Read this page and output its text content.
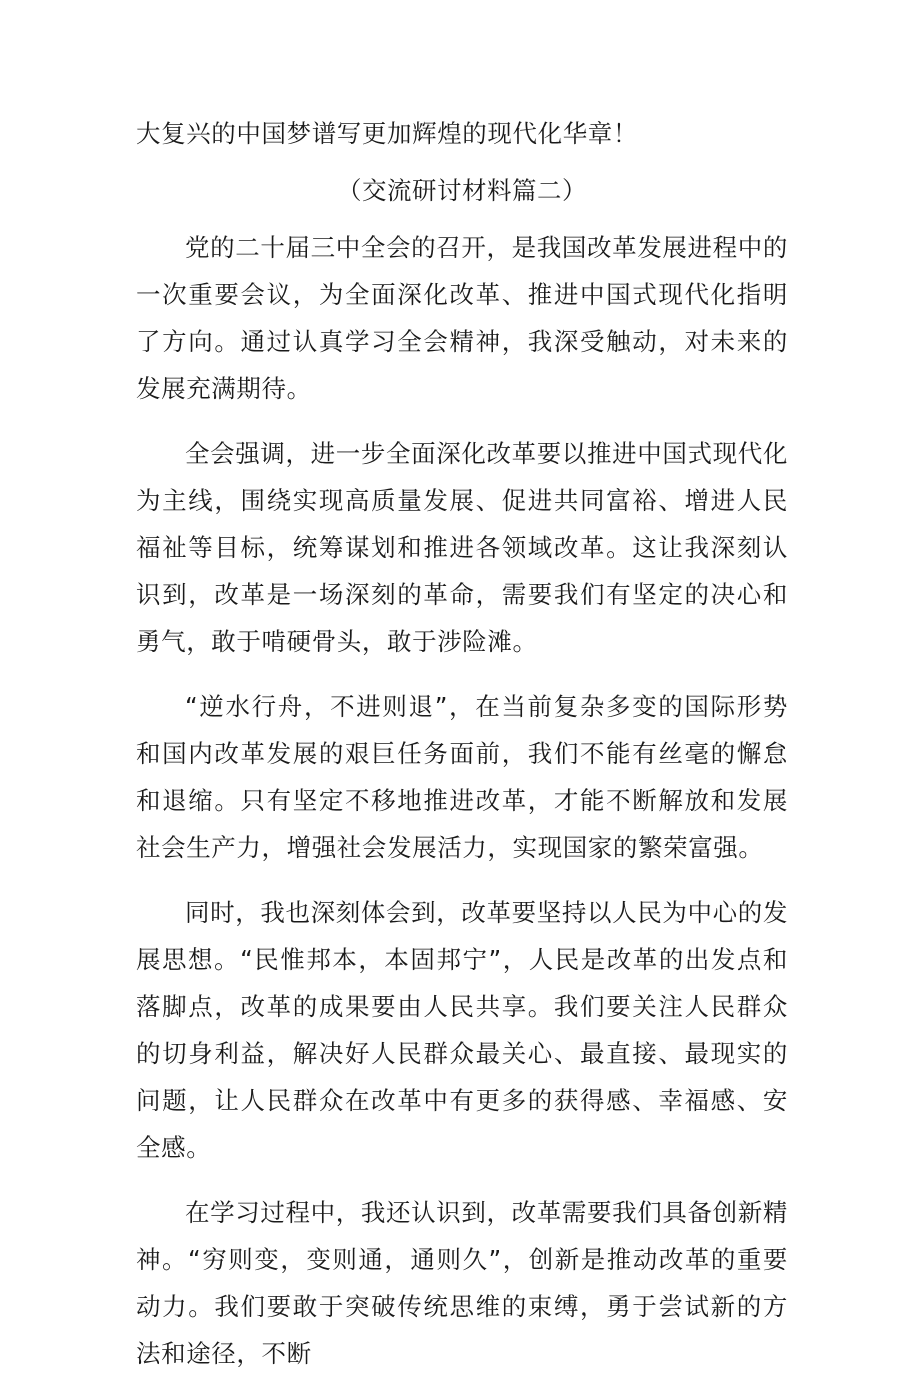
大复兴的中国梦谱写更加辉煌的现代化华章！

（交流研讨材料篇二）

党的二十届三中全会的召开，是我国改革发展进程中的一次重要会议，为全面深化改革、推进中国式现代化指明了方向。通过认真学习全会精神，我深受触动，对未来的发展充满期待。

全会强调，进一步全面深化改革要以推进中国式现代化为主线，围绕实现高质量发展、促进共同富裕、增进人民福祉等目标，统筹谋划和推进各领域改革。这让我深刻认识到，改革是一场深刻的革命，需要我们有坚定的决心和勇气，敢于啃硬骨头，敢于涉险滩。

“逆水行舟，不进则退”，在当前复杂多变的国际形势和国内改革发展的艰巨任务面前，我们不能有丝毫的懈怠和退缩。只有坚定不移地推进改革，才能不断解放和发展社会生产力，增强社会发展活力，实现国家的繁荣富强。

同时，我也深刻体会到，改革要坚持以人民为中心的发展思想。“民惟邦本，本固邦宁”，人民是改革的出发点和落脚点，改革的成果要由人民共享。我们要关注人民群众的切身利益，解决好人民群众最关心、最直接、最现实的问题，让人民群众在改革中有更多的获得感、幸福感、安全感。

在学习过程中，我还认识到，改革需要我们具备创新精神。“穷则变，变则通，通则久”，创新是推动改革的重要动力。我们要敢于突破传统思维的束缚，勇于尝试新的方法和途径，不断
